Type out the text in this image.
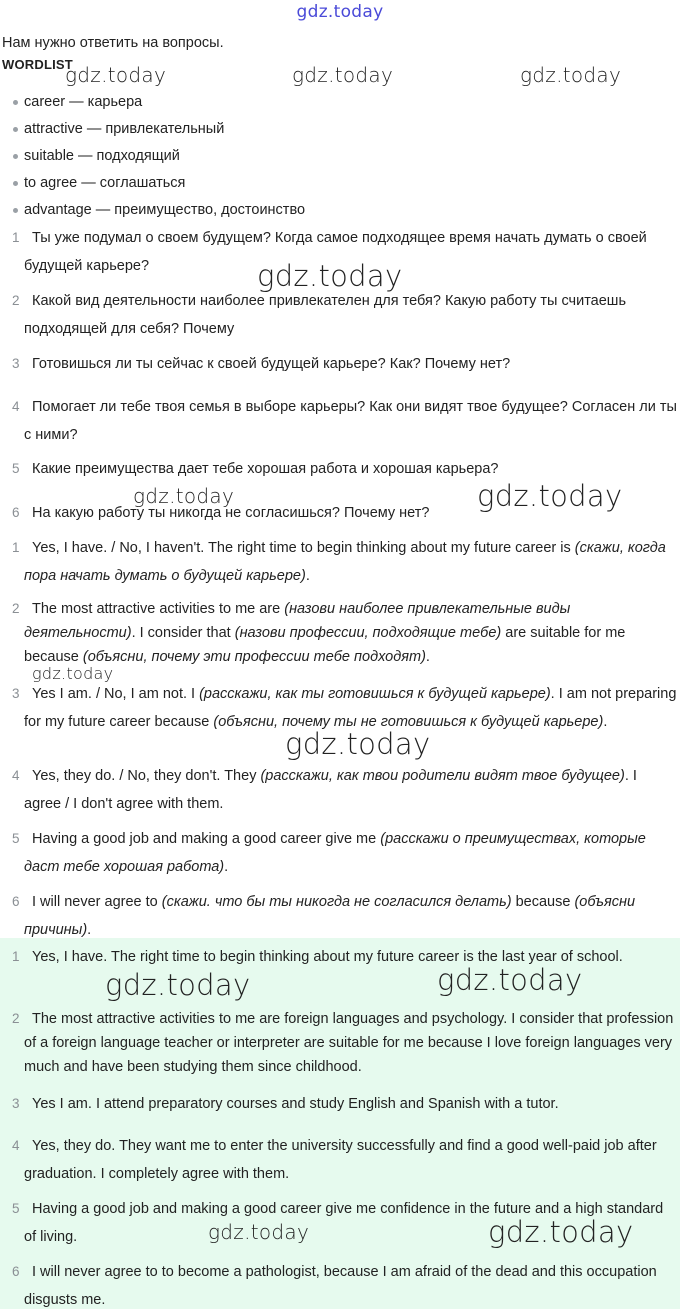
gdz.today
Нам нужно ответить на вопросы.
WORDLIST
career — карьера
attractive — привлекательный
suitable — подходящий
to agree — соглашаться
advantage — преимущество, достоинство
1 Ты уже подумал о своем будущем? Когда самое подходящее время начать думать о своей будущей карьере?
2 Какой вид деятельности наиболее привлекателен для тебя? Какую работу ты считаешь подходящей для себя? Почему
3 Готовишься ли ты сейчас к своей будущей карьере? Как? Почему нет?
4 Помогает ли тебе твоя семья в выборе карьеры? Как они видят твое будущее? Согласен ли ты с ними?
5 Какие преимущества дает тебе хорошая работа и хорошая карьера?
6 На какую работу ты никогда не согласишься? Почему нет?
1 Yes, I have. / No, I haven't. The right time to begin thinking about my future career is (скажи, когда пора начать думать о будущей карьере).
2 The most attractive activities to me are (назови наиболее привлекательные виды деятельности). I consider that (назови профессии, подходящие тебе) are suitable for me because (объясни, почему эти профессии тебе подходят).
3 Yes I am. / No, I am not. I (расскажи, как ты готовишься к будущей карьере). I am not preparing for my future career because (объясни, почему ты не готовишься к будущей карьере).
4 Yes, they do. / No, they don't. They (расскажи, как твои родители видят твое будущее). I agree / I don't agree with them.
5 Having a good job and making a good career give me (расскажи о преимуществах, которые даст тебе хорошая работа).
6 I will never agree to (скажи. что бы ты никогда не согласился делать) because (объясни причины).
1 Yes, I have. The right time to begin thinking about my future career is the last year of school.
2 The most attractive activities to me are foreign languages and psychology. I consider that profession of a foreign language teacher or interpreter are suitable for me because I love foreign languages very much and have been studying them since childhood.
3 Yes I am. I attend preparatory courses and study English and Spanish with a tutor.
4 Yes, they do. They want me to enter the university successfully and find a good well-paid job after graduation. I completely agree with them.
5 Having a good job and making a good career give me confidence in the future and a high standard of living.
6 I will never agree to to become a pathologist, because I am afraid of the dead and this occupation disgusts me.
gdz.today	gdz.today	gdz.today
gdz.today
gdz.today	gdz.today
gdz.today
gdz.today
gdz.today	gdz.today
gdz.today	gdz.today
